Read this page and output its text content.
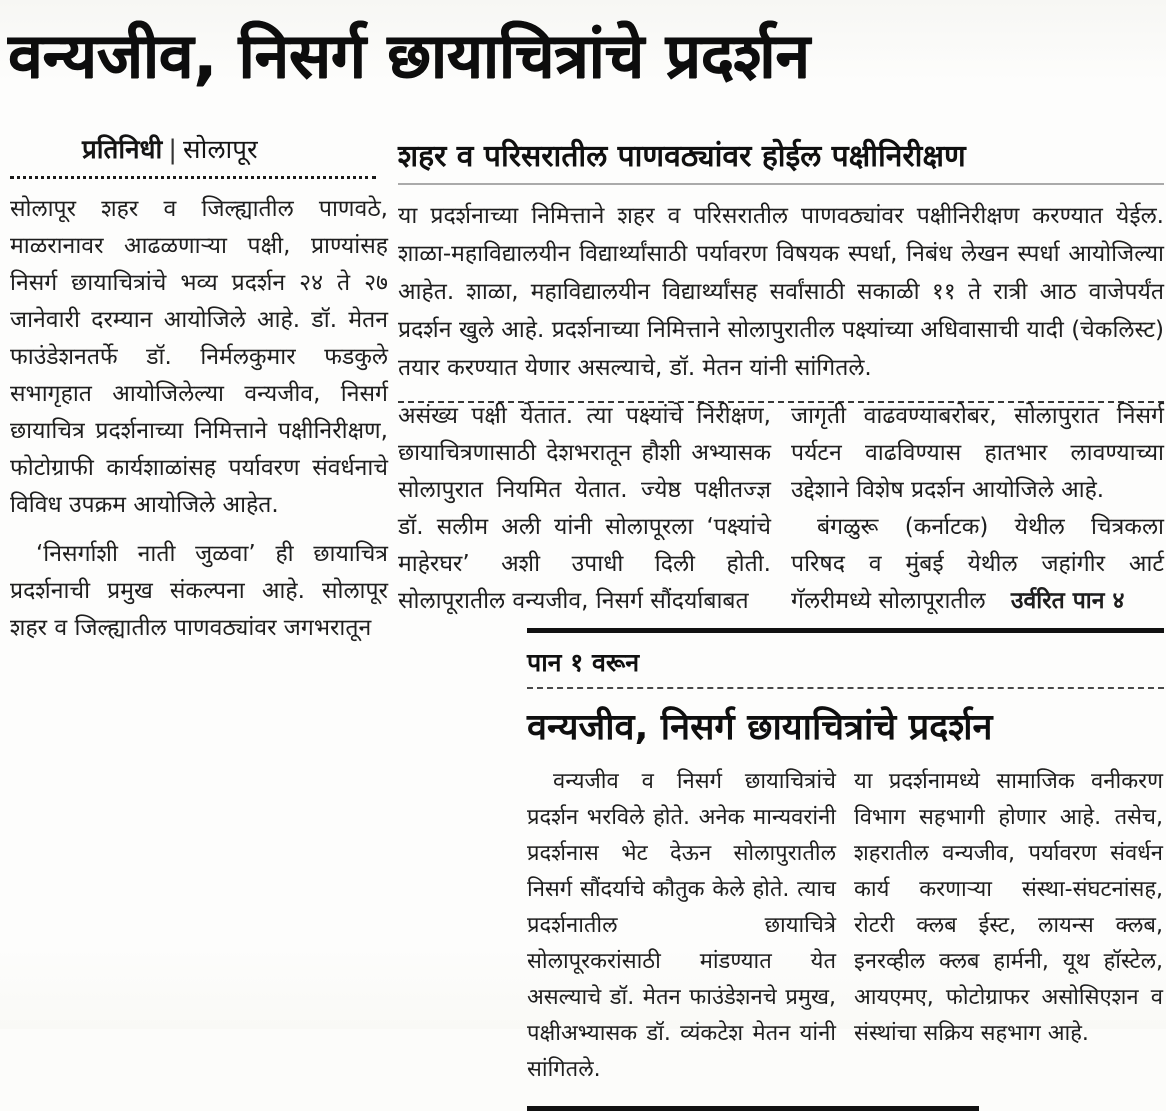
वन्यजीव, निसर्ग छायाचित्रांचे प्रदर्शन
प्रतिनिधी | सोलापूर

सोलापूर शहर व जिल्ह्यातील पाणवठे, माळरानावर आढळणाऱ्या पक्षी, प्राण्यांसह निसर्ग छायाचित्रांचे भव्य प्रदर्शन २४ ते २७ जानेवारी दरम्यान आयोजिले आहे. डॉ. मेतन फाउंडेशनतर्फे डॉ. निर्मलकुमार फडकुले सभागृहात आयोजिलेल्या वन्यजीव, निसर्ग छायाचित्र प्रदर्शनाच्या निमित्ताने पक्षीनिरीक्षण, फोटोग्राफी कार्यशाळांसह पर्यावरण संवर्धनाचे विविध उपक्रम आयोजिले आहेत.

‘निसर्गाशी नाती जुळवा’ ही छायाचित्र प्रदर्शनाची प्रमुख संकल्पना आहे. सोलापूर शहर व जिल्ह्यातील पाणवठ्यांवर जगभरातून

शहर व परिसरातील पाणवठ्यांवर होईल पक्षीनिरीक्षण

या प्रदर्शनाच्या निमित्ताने शहर व परिसरातील पाणवठ्यांवर पक्षीनिरीक्षण करण्यात येईल. शाळा-महाविद्यालयीन विद्यार्थ्यांसाठी पर्यावरण विषयक स्पर्धा, निबंध लेखन स्पर्धा आयोजिल्या आहेत. शाळा, महाविद्यालयीन विद्यार्थ्यांसह सर्वांसाठी सकाळी ११ ते रात्री आठ वाजेपर्यंत प्रदर्शन खुले आहे. प्रदर्शनाच्या निमित्ताने सोलापुरातील पक्ष्यांच्या अधिवासाची यादी (चेकलिस्ट) तयार करण्यात येणार असल्याचे, डॉ. मेतन यांनी सांगितले.

असंख्य पक्षी येतात. त्या पक्ष्यांचे निरीक्षण, छायाचित्रणासाठी देशभरातून हौशी अभ्यासक सोलापुरात नियमित येतात. ज्येष्ठ पक्षीतज्ज्ञ डॉ. सलीम अली यांनी सोलापूरला ‘पक्ष्यांचे माहेरघर’ अशी उपाधी दिली होती. सोलापूरातील वन्यजीव, निसर्ग सौंदर्याबाबत

जागृती वाढवण्याबरोबर, सोलापुरात निसर्ग पर्यटन वाढविण्यास हातभार लावण्याच्या उद्देशाने विशेष प्रदर्शन आयोजिले आहे.

बंगळुरू (कर्नाटक) येथील चित्रकला परिषद व मुंबई येथील जहांगीर आर्ट गॅलरीमध्ये सोलापूरातील उर्वरित पान ४

पान १ वरून
वन्यजीव, निसर्ग छायाचित्रांचे प्रदर्शन

वन्यजीव व निसर्ग छायाचित्रांचे प्रदर्शन भरविले होते. अनेक मान्यवरांनी प्रदर्शनास भेट देऊन सोलापुरातील निसर्ग सौंदर्याचे कौतुक केले होते. त्याच प्रदर्शनातील छायाचित्रे सोलापूरकरांसाठी मांडण्यात येत असल्याचे डॉ. मेतन फाउंडेशनचे प्रमुख, पक्षीअभ्यासक डॉ. व्यंकटेश मेतन यांनी सांगितले.

या प्रदर्शनामध्ये सामाजिक वनीकरण विभाग सहभागी होणार आहे. तसेच, शहरातील वन्यजीव, पर्यावरण संवर्धन कार्य करणाऱ्या संस्था-संघटनांसह, रोटरी क्लब ईस्ट, लायन्स क्लब, इनरव्हील क्लब हार्मनी, यूथ हॉस्टेल, आयएमए, फोटोग्राफर असोसिएशन व संस्थांचा सक्रिय सहभाग आहे.
